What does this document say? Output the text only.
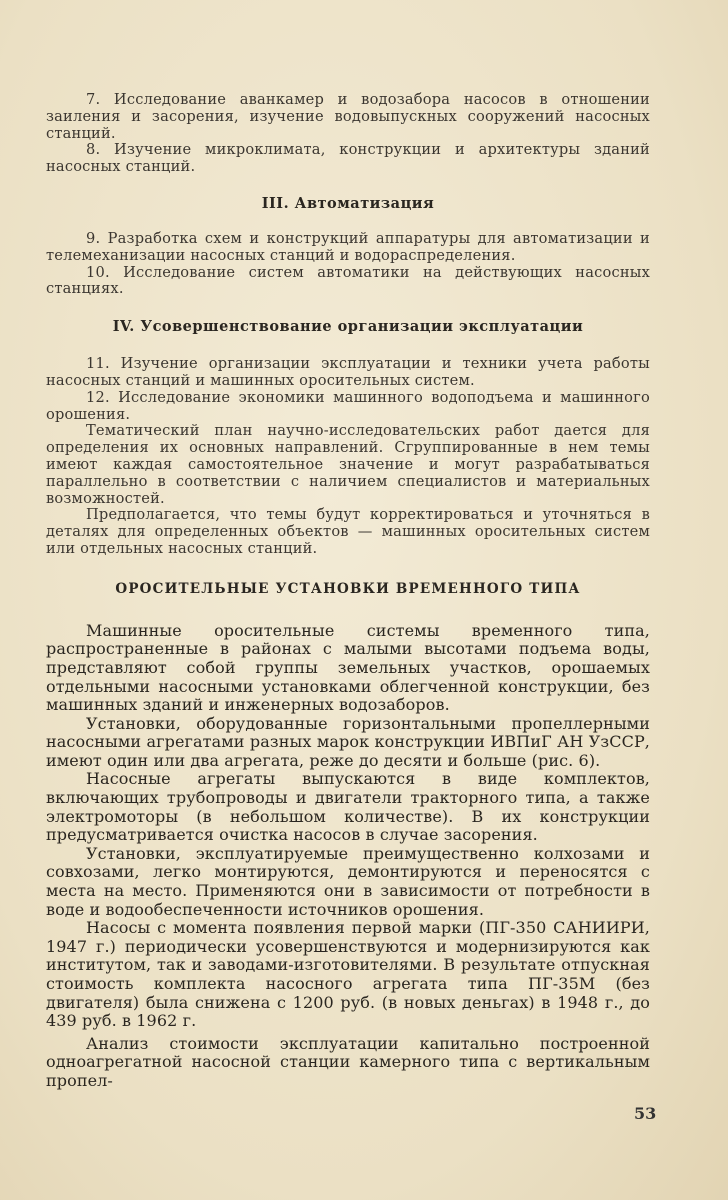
7. Исследование аванкамер и водозабора насосов в отношении заиления и засорения, изучение водовыпускных сооружений насосных станций.

8. Изучение микроклимата, конструкции и архитектуры зданий насосных станций.

III. Автоматизация

9. Разработка схем и конструкций аппаратуры для автоматизации и телемеханизации насосных станций и водораспределения.

10. Исследование систем автоматики на действующих насосных станциях.

IV. Усовершенствование организации эксплуатации

11. Изучение организации эксплуатации и техники учета работы насосных станций и машинных оросительных систем.

12. Исследование экономики машинного водоподъема и машинного орошения.

Тематический план научно-исследовательских работ дается для определения их основных направлений. Сгруппированные в нем темы имеют каждая самостоятельное значение и могут разрабатываться параллельно в соответствии с наличием специалистов и материальных возможностей.

Предполагается, что темы будут корректироваться и уточняться в деталях для определенных объектов — машинных оросительных систем или отдельных насосных станций.

ОРОСИТЕЛЬНЫЕ УСТАНОВКИ ВРЕМЕННОГО ТИПА

Машинные оросительные системы временного типа, распространенные в районах с малыми высотами подъема воды, представляют собой группы земельных участков, орошаемых отдельными насосными установками облегченной конструкции, без машинных зданий и инженерных водозаборов.

Установки, оборудованные горизонтальными пропеллерными насосными агрегатами разных марок конструкции ИВПиГ АН УзССР, имеют один или два агрегата, реже до десяти и больше (рис. 6).

Насосные агрегаты выпускаются в виде комплектов, включающих трубопроводы и двигатели тракторного типа, а также электромоторы (в небольшом количестве). В их конструкции предусматривается очистка насосов в случае засорения.

Установки, эксплуатируемые преимущественно колхозами и совхозами, легко монтируются, демонтируются и переносятся с места на место. Применяются они в зависимости от потребности в воде и водообеспеченности источников орошения.

Насосы с момента появления первой марки (ПГ-350 САНИИРИ, 1947 г.) периодически усовершенствуются и модернизируются как институтом, так и заводами-изготовителями. В результате отпускная стоимость комплекта насосного агрегата типа ПГ-35М (без двигателя) была снижена с 1200 руб. (в новых деньгах) в 1948 г., до 439 руб. в 1962 г.

Анализ стоимости эксплуатации капитально построенной одноагрегатной насосной станции камерного типа с вертикальным пропел-

53
